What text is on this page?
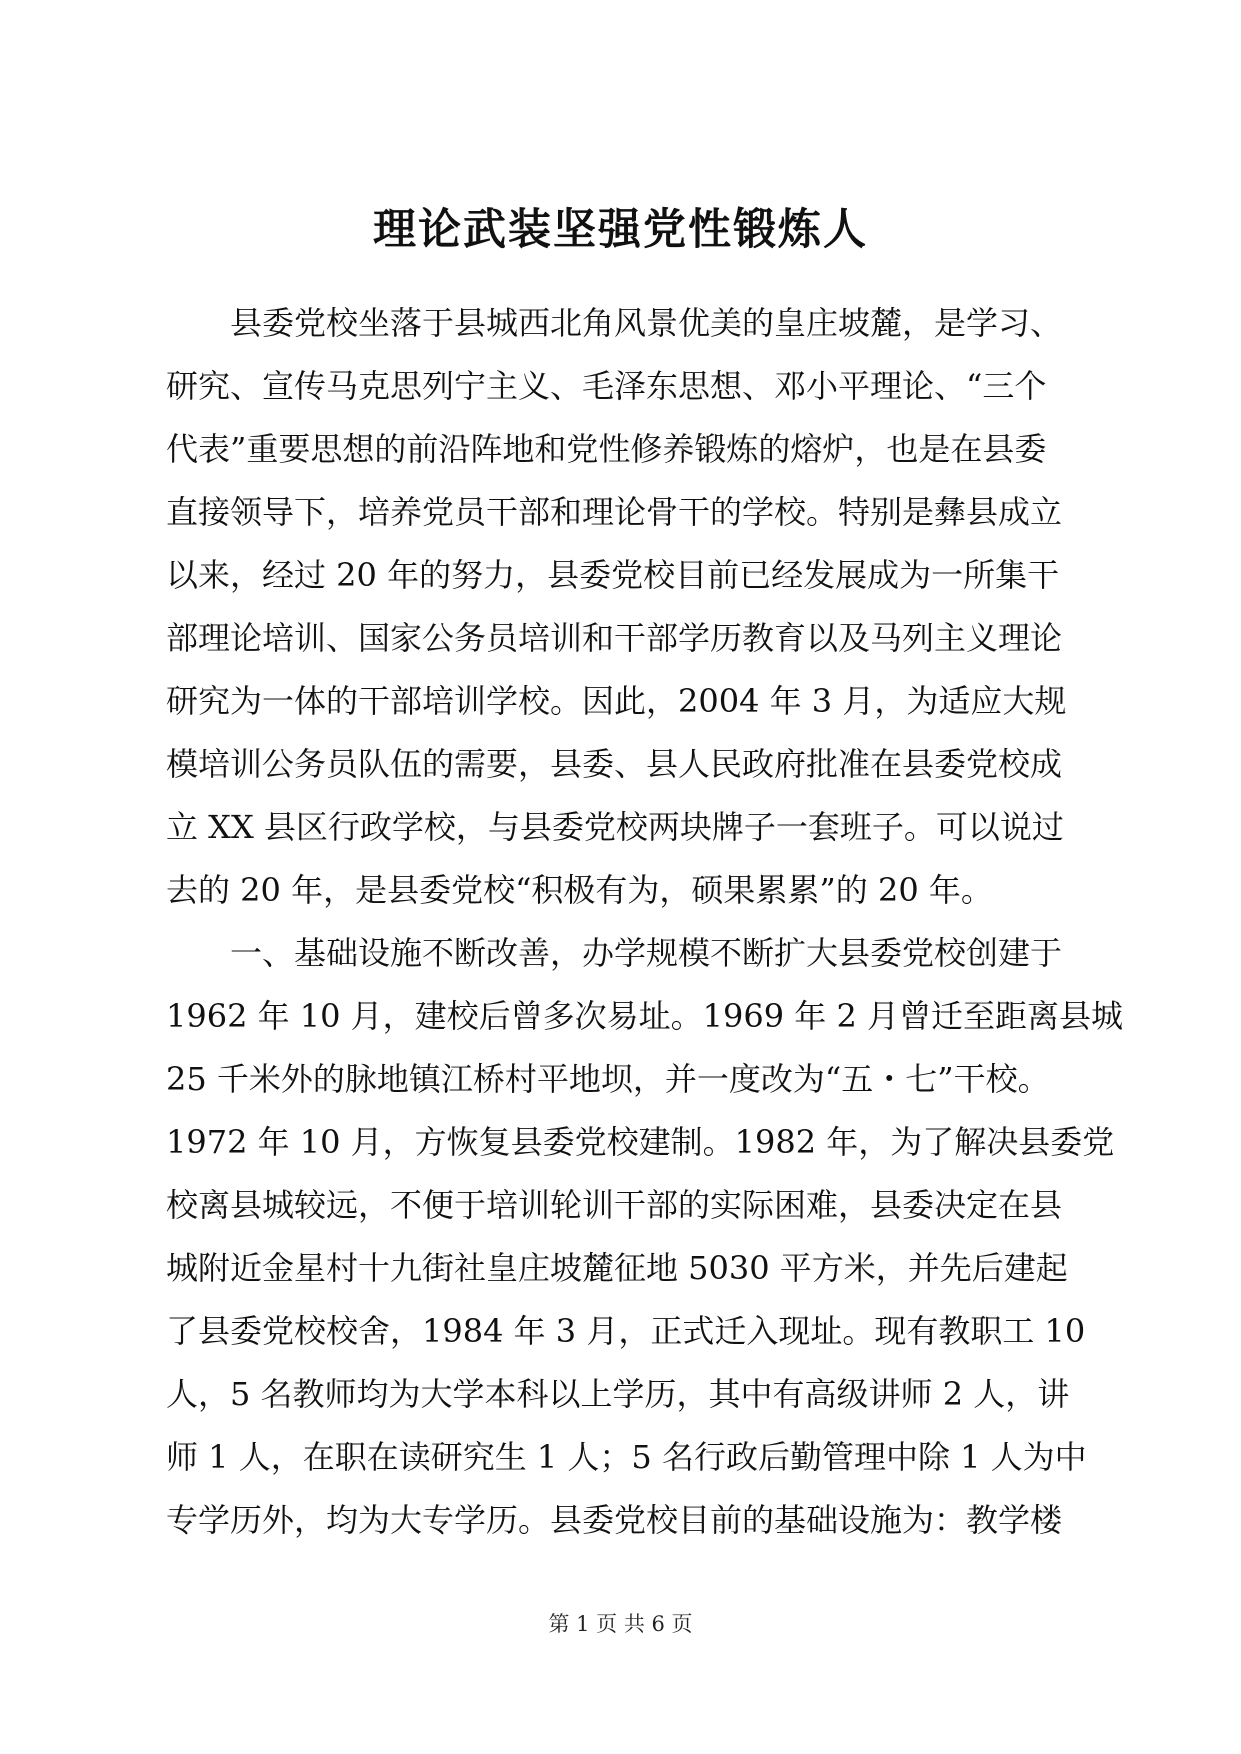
理论武装坚强党性锻炼人
　　县委党校坐落于县城西北角风景优美的皇庄坡麓，是学习、
研究、宣传马克思列宁主义、毛泽东思想、邓小平理论、“三个
代表”重要思想的前沿阵地和党性修养锻炼的熔炉，也是在县委
直接领导下，培养党员干部和理论骨干的学校。特别是彝县成立
以来，经过 20 年的努力，县委党校目前已经发展成为一所集干
部理论培训、国家公务员培训和干部学历教育以及马列主义理论
研究为一体的干部培训学校。因此，2004 年 3 月，为适应大规
模培训公务员队伍的需要，县委、县人民政府批准在县委党校成
立 XX 县区行政学校，与县委党校两块牌子一套班子。可以说过
去的 20 年，是县委党校“积极有为，硕果累累”的 20 年。
　　一、基础设施不断改善，办学规模不断扩大县委党校创建于
1962 年 10 月，建校后曾多次易址。1969 年 2 月曾迁至距离县城
25 千米外的脉地镇江桥村平地坝，并一度改为“五・七”干校。
1972 年 10 月，方恢复县委党校建制。1982 年，为了解决县委党
校离县城较远，不便于培训轮训干部的实际困难，县委决定在县
城附近金星村十九街社皇庄坡麓征地 5030 平方米，并先后建起
了县委党校校舍，1984 年 3 月，正式迁入现址。现有教职工 10
人，5 名教师均为大学本科以上学历，其中有高级讲师 2 人，讲
师 1 人，在职在读研究生 1 人；5 名行政后勤管理中除 1 人为中
专学历外，均为大专学历。县委党校目前的基础设施为：教学楼
第 1 页 共 6 页
